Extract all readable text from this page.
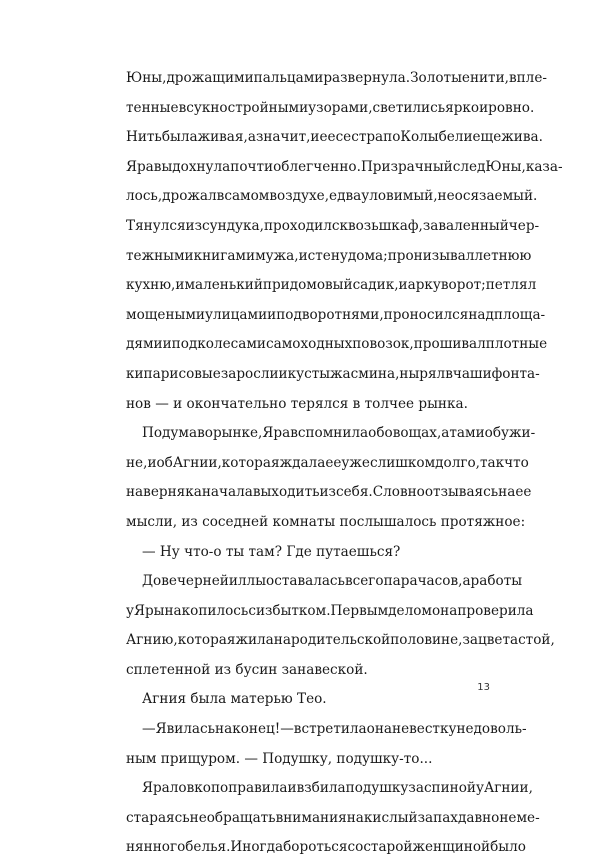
Юны, дрожащими пальцами развернула. Золотые нити, впле-
тенные в сукно стройными узорами, светились ярко и ровно.
Нить была живая, а значит, и ее сестра по Колыбели еще жива.
Яра выдохнула почти облегченно. Призрачный след Юны, каза-
лось, дрожал в самом воздухе, едва уловимый, неосязаемый.
Тянулся из сундука, проходил сквозь шкаф, заваленный чер-
тежными книгами мужа, и стену дома; пронизывал летнюю
кухню, и маленький придомовый садик, и арку ворот; петлял
мощеными улицами и подворотнями, проносился над площа-
дями и под колесами самоходных повозок, прошивал плотные
кипарисовые заросли и кусты жасмина, нырял в чаши фонта-
нов — и окончательно терялся в толчее рынка.
Подумав о рынке, Яра вспомнила об овощах, а там и об ужи-
не, и об Агнии, которая ждала ее уже слишком долго, так что
наверняка начала выходить из себя. Словно отзываясь на ее
мысли, из соседней комнаты послышалось протяжное:
— Ну что-о ты там? Где путаешься?
До вечерней иллы оставалась всего пара часов, а работы
у Яры накопилось с избытком. Первым делом она проверила
Агнию, которая жила на родительской половине, за цветастой,
сплетенной из бусин занавеской.
Агния была матерью Тео.
— Явилась наконец! — встретила она невестку недоволь-
ным прищуром. — Подушку, подушку-то...
Яра ловко поправила и взбила подушку за спиной у Агнии,
стараясь не обращать внимания на кислый запах давно не ме-
нянного белья. Иногда бороться со старой женщиной было
13
